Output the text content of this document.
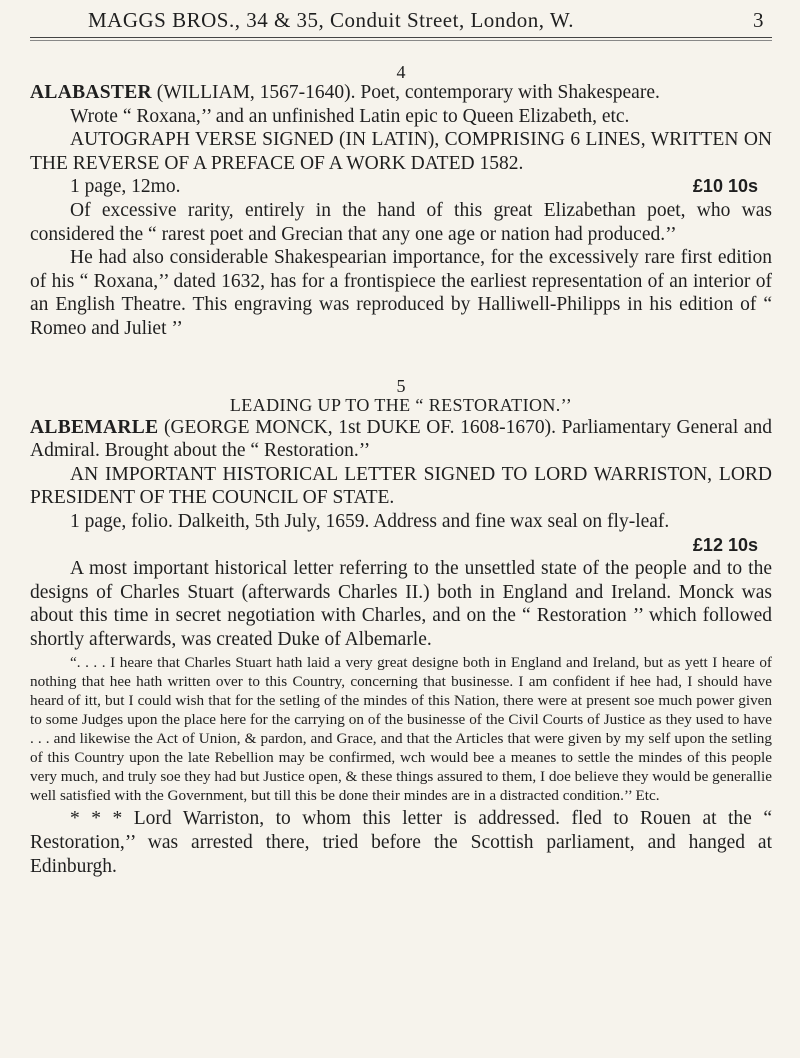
MAGGS BROS., 34 & 35, Conduit Street, London, W.	3
4

ALABASTER (WILLIAM, 1567-1640). Poet, contemporary with Shakespeare.

Wrote “ Roxana,’’ and an unfinished Latin epic to Queen Elizabeth, etc.

AUTOGRAPH VERSE SIGNED (IN LATIN), COMPRISING 6 LINES, WRITTEN ON THE REVERSE OF A PREFACE OF A WORK DATED 1582.

1 page, 12mo.	£10 10s

Of excessive rarity, entirely in the hand of this great Elizabethan poet, who was considered the “ rarest poet and Grecian that any one age or nation had produced.’’

He had also considerable Shakespearian importance, for the excessively rare first edition of his “ Roxana,’’ dated 1632, has for a frontispiece the earliest representation of an interior of an English Theatre. This engraving was reproduced by Halliwell-Philipps in his edition of “ Romeo and Juliet ’’

5
LEADING UP TO THE “ RESTORATION.’’

ALBEMARLE (GEORGE MONCK, 1st DUKE OF. 1608-1670). Parliamentary General and Admiral. Brought about the “ Restoration.’’

AN IMPORTANT HISTORICAL LETTER SIGNED TO LORD WARRISTON, LORD PRESIDENT OF THE COUNCIL OF STATE.

1 page, folio. Dalkeith, 5th July, 1659. Address and fine wax seal on fly-leaf.

£12 10s

A most important historical letter referring to the unsettled state of the people and to the designs of Charles Stuart (afterwards Charles II.) both in England and Ireland. Monck was about this time in secret negotiation with Charles, and on the “ Restoration ’’ which followed shortly afterwards, was created Duke of Albemarle.

“. . . . I heare that Charles Stuart hath laid a very great designe both in England and Ireland, but as yett I heare of nothing that hee hath written over to this Country, concerning that businesse. I am confident if hee had, I should have heard of itt, but I could wish that for the setling of the mindes of this Nation, there were at present soe much power given to some Judges upon the place here for the carrying on of the businesse of the Civil Courts of Justice as they used to have . . . and likewise the Act of Union, & pardon, and Grace, and that the Articles that were given by my self upon the setling of this Country upon the late Rebellion may be confirmed, wch would bee a meanes to settle the mindes of this people very much, and truly soe they had but Justice open, & these things assured to them, I doe believe they would be generallie well satisfied with the Government, but till this be done their mindes are in a distracted condition.’’ Etc.

* * * Lord Warriston, to whom this letter is addressed. fled to Rouen at the “ Restoration,’’ was arrested there, tried before the Scottish parliament, and hanged at Edinburgh.
